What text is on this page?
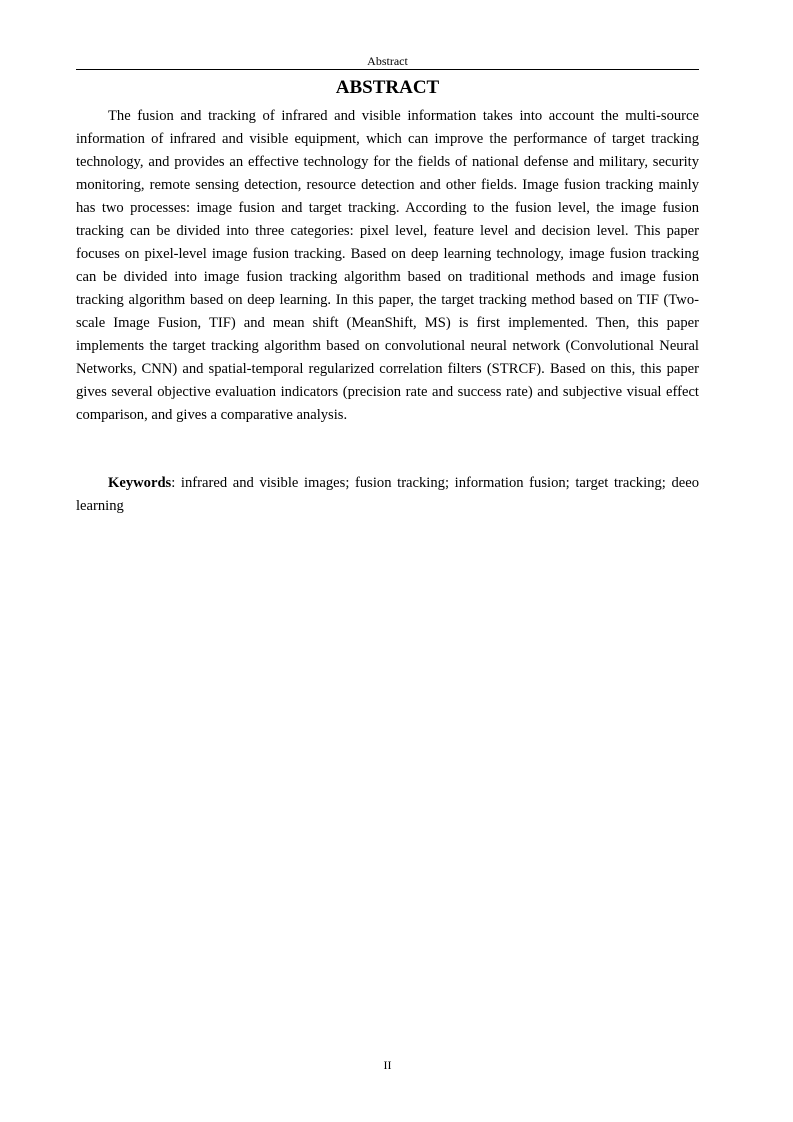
Abstract
ABSTRACT

The fusion and tracking of infrared and visible information takes into account the multi-source information of infrared and visible equipment, which can improve the performance of target tracking technology, and provides an effective technology for the fields of national defense and military, security monitoring, remote sensing detection, resource detection and other fields. Image fusion tracking mainly has two processes: image fusion and target tracking. According to the fusion level, the image fusion tracking can be divided into three categories: pixel level, feature level and decision level. This paper focuses on pixel-level image fusion tracking. Based on deep learning technology, image fusion tracking can be divided into image fusion tracking algorithm based on traditional methods and image fusion tracking algorithm based on deep learning. In this paper, the target tracking method based on TIF (Two-scale Image Fusion, TIF) and mean shift (MeanShift, MS) is first implemented. Then, this paper implements the target tracking algorithm based on convolutional neural network (Convolutional Neural Networks, CNN) and spatial-temporal regularized correlation filters (STRCF). Based on this, this paper gives several objective evaluation indicators (precision rate and success rate) and subjective visual effect comparison, and gives a comparative analysis.

Keywords: infrared and visible images; fusion tracking; information fusion; target tracking; deeo learning

II
